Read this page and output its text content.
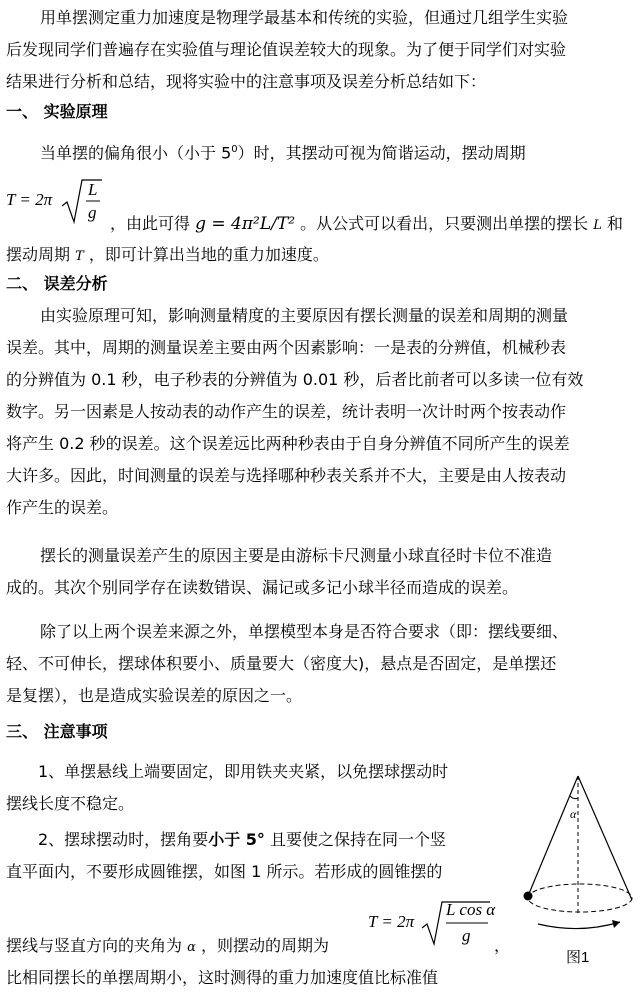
用单摆测定重力加速度是物理学最基本和传统的实验，但通过几组学生实验
后发现同学们普遍存在实验值与理论值误差较大的现象。为了便于同学们对实验
结果进行分析和总结，现将实验中的注意事项及误差分析总结如下：
一、 实验原理
当单摆的偏角很小（小于 $5^0$）时，其摆动可视为简谐运动，摆动周期
T = 2π
L
g
，由此可得 g = 4π²L/T² 。从公式可以看出，只要测出单摆的摆长 L 和
摆动周期 T ，即可计算出当地的重力加速度。
二、 误差分析
由实验原理可知，影响测量精度的主要原因有摆长测量的误差和周期的测量
误差。其中，周期的测量误差主要由两个因素影响：一是表的分辨值，机械秒表
的分辨值为 0.1 秒，电子秒表的分辨值为 0.01 秒，后者比前者可以多读一位有效
数字。另一因素是人按动表的动作产生的误差，统计表明一次计时两个按表动作
将产生 0.2 秒的误差。这个误差远比两种秒表由于自身分辨值不同所产生的误差
大许多。因此，时间测量的误差与选择哪种秒表关系并不大，主要是由人按表动
作产生的误差。
摆长的测量误差产生的原因主要是由游标卡尺测量小球直径时卡位不准造
成的。其次个别同学存在读数错误、漏记或多记小球半径而造成的误差。
除了以上两个误差来源之外，单摆模型本身是否符合要求（即：摆线要细、
轻、不可伸长，摆球体积要小、质量要大（密度大)，悬点是否固定，是单摆还
是复摆），也是造成实验误差的原因之一。
三、 注意事项
1、单摆悬线上端要固定，即用铁夹夹紧，以免摆球摆动时
摆线长度不稳定。
2、摆球摆动时，摆角要小于 5° 且要使之保持在同一个竖
直平面内，不要形成圆锥摆，如图 1 所示。若形成的圆锥摆的
T = 2π
L cos α
g
摆线与竖直方向的夹角为 α ，则摆动的周期为	，
比相同摆长的单摆周期小，这时测得的重力加速度值比标准值
α
图1
